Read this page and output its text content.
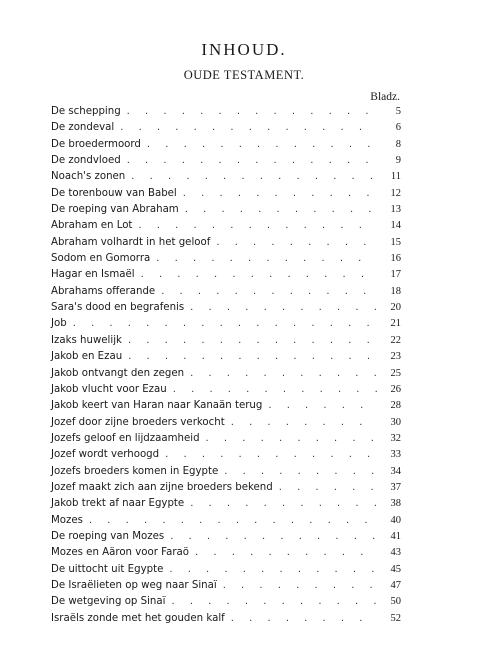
INHOUD.
OUDE TESTAMENT.
Bladz.
De schepping . . .	5
De zondeval . . .	6
De broedermoord . . .	8
De zondvloed . . .	9
Noach's zonen . . .	11
De torenbouw van Babel . . .	12
De roeping van Abraham . . .	13
Abraham en Lot . . .	14
Abraham volhardt in het geloof . . .	15
Sodom en Gomorra . . .	16
Hagar en Ismaël . . .	17
Abrahams offerande . . .	18
Sara's dood en begrafenis . . .	20
Job . . .	21
Izaks huwelijk . . .	22
Jakob en Ezau . . .	23
Jakob ontvangt den zegen . . .	25
Jakob vlucht voor Ezau . . .	26
Jakob keert van Haran naar Kanaän terug . . .	28
Jozef door zijne broeders verkocht . . .	30
Jozefs geloof en lijdzaamheid . . .	32
Jozef wordt verhoogd . . .	33
Jozefs broeders komen in Egypte . . .	34
Jozef maakt zich aan zijne broeders bekend . . .	37
Jakob trekt af naar Egypte . . .	38
Mozes . . .	40
De roeping van Mozes . . .	41
Mozes en Aäron voor Faraö . . .	43
De uittocht uit Egypte . . .	45
De Israëlieten op weg naar Sinaï . . .	47
De wetgeving op Sinaï . . .	50
Israëls zonde met het gouden kalf . . .	52
